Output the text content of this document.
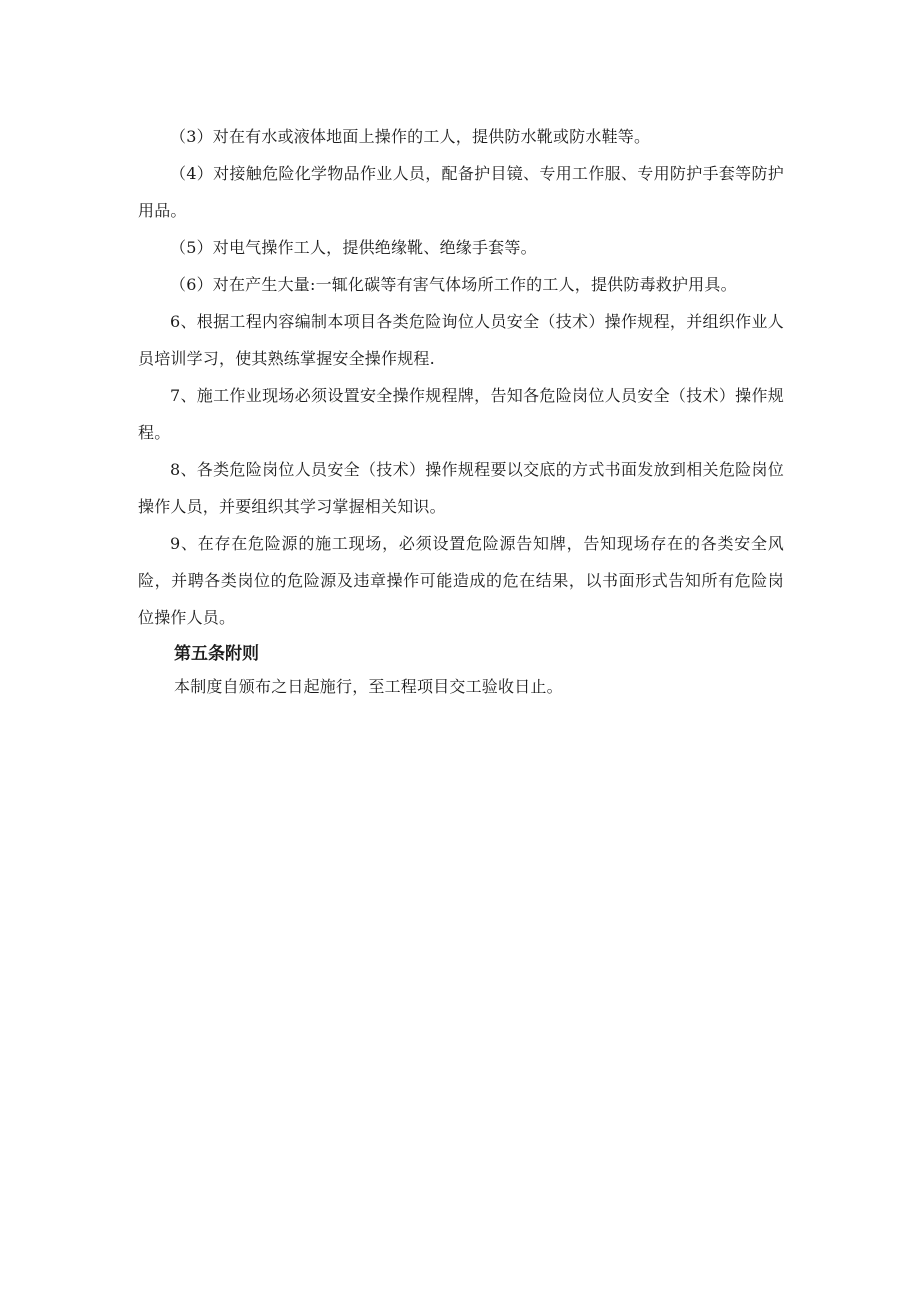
（3）对在有水或液体地面上操作的工人，提供防水靴或防水鞋等。

（4）对接触危险化学物品作业人员，配备护目镜、专用工作服、专用防护手套等防护用品。

（5）对电气操作工人，提供绝缘靴、绝缘手套等。

（6）对在产生大量:一辄化碳等有害气体场所工作的工人，提供防毒救护用具。

6、根据工程内容编制本项目各类危险询位人员安全（技术）操作规程，并组织作业人员培训学习，使其熟练掌握安全操作规程.

7、施工作业现场必须设置安全操作规程牌，告知各危险岗位人员安全（技术）操作规程。

8、各类危险岗位人员安全（技术）操作规程要以交底的方式书面发放到相关危险岗位操作人员，并要组织其学习掌握相关知识。

9、在存在危险源的施工现场，必须设置危险源告知牌，告知现场存在的各类安全风险，并聘各类岗位的危险源及违章操作可能造成的危在结果，以书面形式告知所有危险岗位操作人员。

第五条附则

本制度自颁布之日起施行，至工程项目交工验收日止。
